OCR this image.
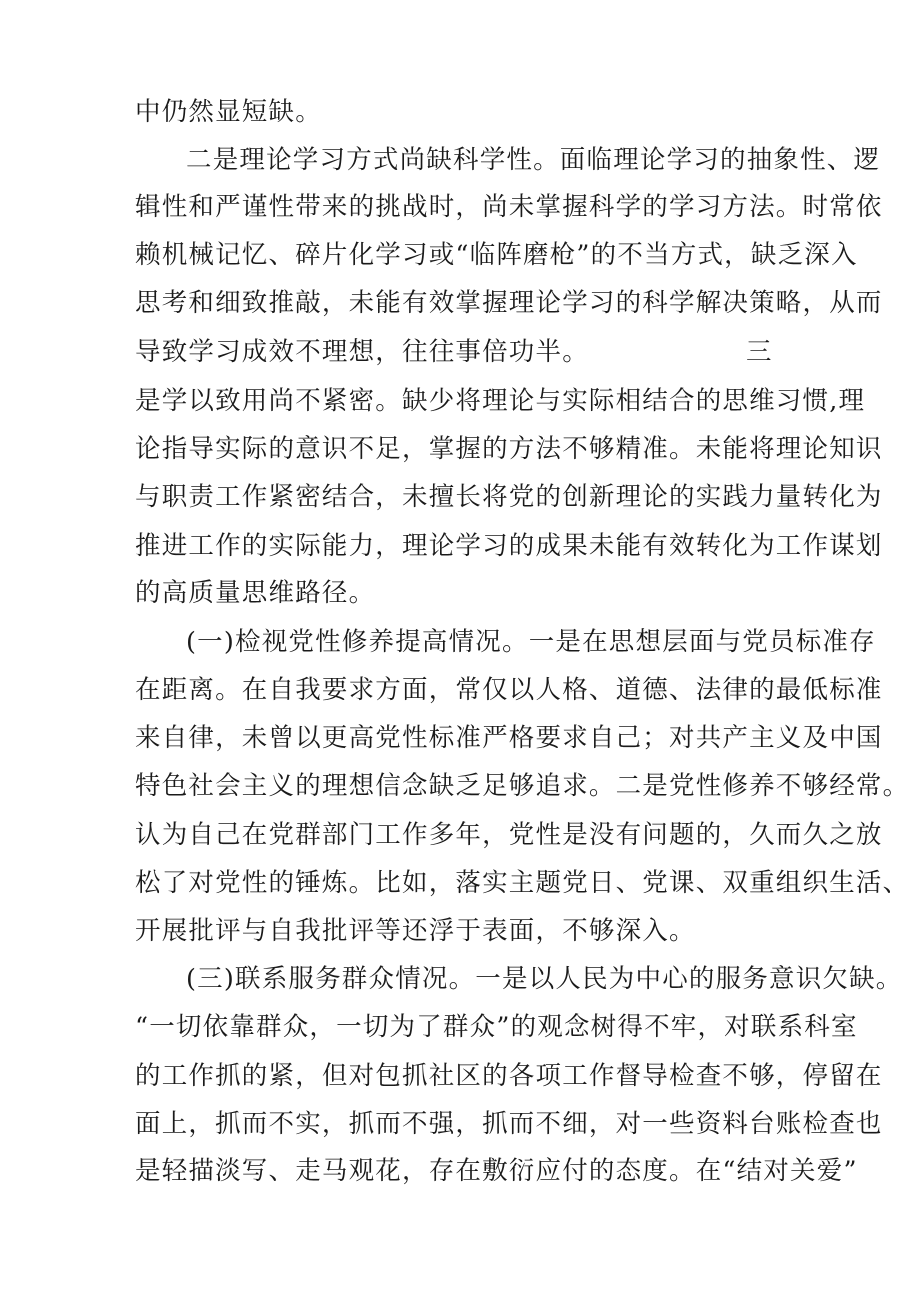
中仍然显短缺。
二是理论学习方式尚缺科学性。面临理论学习的抽象性、逻
辑性和严谨性带来的挑战时，尚未掌握科学的学习方法。时常依
赖机械记忆、碎片化学习或“临阵磨枪”的不当方式，缺乏深入
思考和细致推敲，未能有效掌握理论学习的科学解决策略，从而
导致学习成效不理想，往往事倍功半。	三
是学以致用尚不紧密。缺少将理论与实际相结合的思维习惯,理
论指导实际的意识不足，掌握的方法不够精准。未能将理论知识
与职责工作紧密结合，未擅长将党的创新理论的实践力量转化为
推进工作的实际能力，理论学习的成果未能有效转化为工作谋划
的高质量思维路径。
(一)检视党性修养提高情况。一是在思想层面与党员标准存
在距离。在自我要求方面，常仅以人格、道德、法律的最低标准
来自律，未曾以更高党性标准严格要求自己；对共产主义及中国
特色社会主义的理想信念缺乏足够追求。二是党性修养不够经常。
认为自己在党群部门工作多年，党性是没有问题的，久而久之放
松了对党性的锤炼。比如，落实主题党日、党课、双重组织生活、
开展批评与自我批评等还浮于表面，不够深入。
(三)联系服务群众情况。一是以人民为中心的服务意识欠缺。
“一切依靠群众，一切为了群众”的观念树得不牢，对联系科室
的工作抓的紧，但对包抓社区的各项工作督导检查不够，停留在
面上，抓而不实，抓而不强，抓而不细，对一些资料台账检查也
是轻描淡写、走马观花，存在敷衍应付的态度。在“结对关爱”
